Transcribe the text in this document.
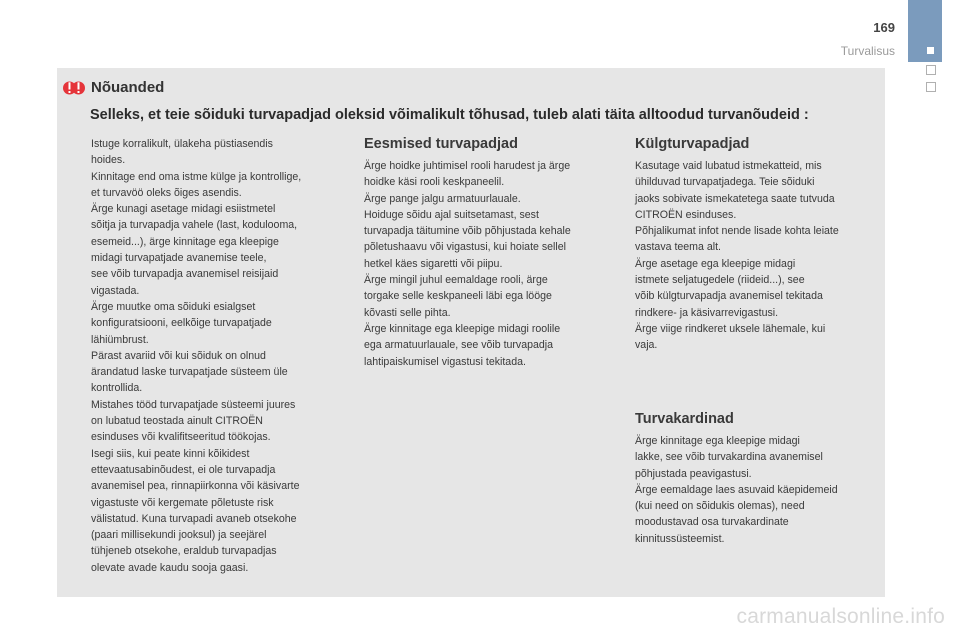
169
Turvalisus
Nõuanded
Selleks, et teie sõiduki turvapadjad oleksid võimalikult tõhusad, tuleb alati täita alltoodud turvanõudeid :

Istuge korralikult, ülakeha püstiasendis

hoides.

Kinnitage end oma istme külge ja kontrollige,

et turvavöö oleks õiges asendis.

Ärge kunagi asetage midagi esiistmetel

sõitja ja turvapadja vahele (last, kodulooma,

esemeid...), ärge kinnitage ega kleepige

midagi turvapatjade avanemise teele,

see võib turvapadja avanemisel reisijaid

vigastada.

Ärge muutke oma sõiduki esialgset

konfiguratsiooni, eelkõige turvapatjade

lähiümbrust.

Pärast avariid või kui sõiduk on olnud

ärandatud laske turvapatjade süsteem üle

kontrollida.

Mistahes tööd turvapatjade süsteemi juures

on lubatud teostada ainult CITROËN

esinduses või kvalifitseeritud töökojas.

Isegi siis, kui peate kinni kõikidest

ettevaatusabinõudest, ei ole turvapadja

avanemisel pea, rinnapiirkonna või käsivarte

vigastuste või kergemate põletuste risk

välistatud. Kuna turvapadi avaneb otsekohe

(paari millisekundi jooksul) ja seejärel

tühjeneb otsekohe, eraldub turvapadjas

olevate avade kaudu sooja gaasi.

Eesmised turvapadjad

Ärge hoidke juhtimisel rooli harudest ja ärge

hoidke käsi rooli keskpaneelil.

Ärge pange jalgu armatuurlauale.

Hoiduge sõidu ajal suitsetamast, sest

turvapadja täitumine võib põhjustada kehale

põletushaavu või vigastusi, kui hoiate sellel

hetkel käes sigaretti või piipu.

Ärge mingil juhul eemaldage rooli, ärge

torgake selle keskpaneeli läbi ega lööge

kõvasti selle pihta.

Ärge kinnitage ega kleepige midagi roolile

ega armatuurlauale, see võib turvapadja

lahtipaiskumisel vigastusi tekitada.

Külgturvapadjad

Kasutage vaid lubatud istmekatteid, mis

ühilduvad turvapatjadega. Teie sõiduki

jaoks sobivate ismekatetega saate tutvuda

CITROËN esinduses.

Põhjalikumat infot nende lisade kohta leiate

vastava teema alt.

Ärge asetage ega kleepige midagi

istmete seljatugedele (riideid...), see

võib külgturvapadja avanemisel tekitada

rindkere- ja käsivarrevigastusi.

Ärge viige rindkeret uksele lähemale, kui

vaja.

Turvakardinad

Ärge kinnitage ega kleepige midagi

lakke, see võib turvakardina avanemisel

põhjustada peavigastusi.

Ärge eemaldage laes asuvaid käepidemeid

(kui need on sõidukis olemas), need

moodustavad osa turvakardinate

kinnitussüsteemist.

carmanualsonline.info
